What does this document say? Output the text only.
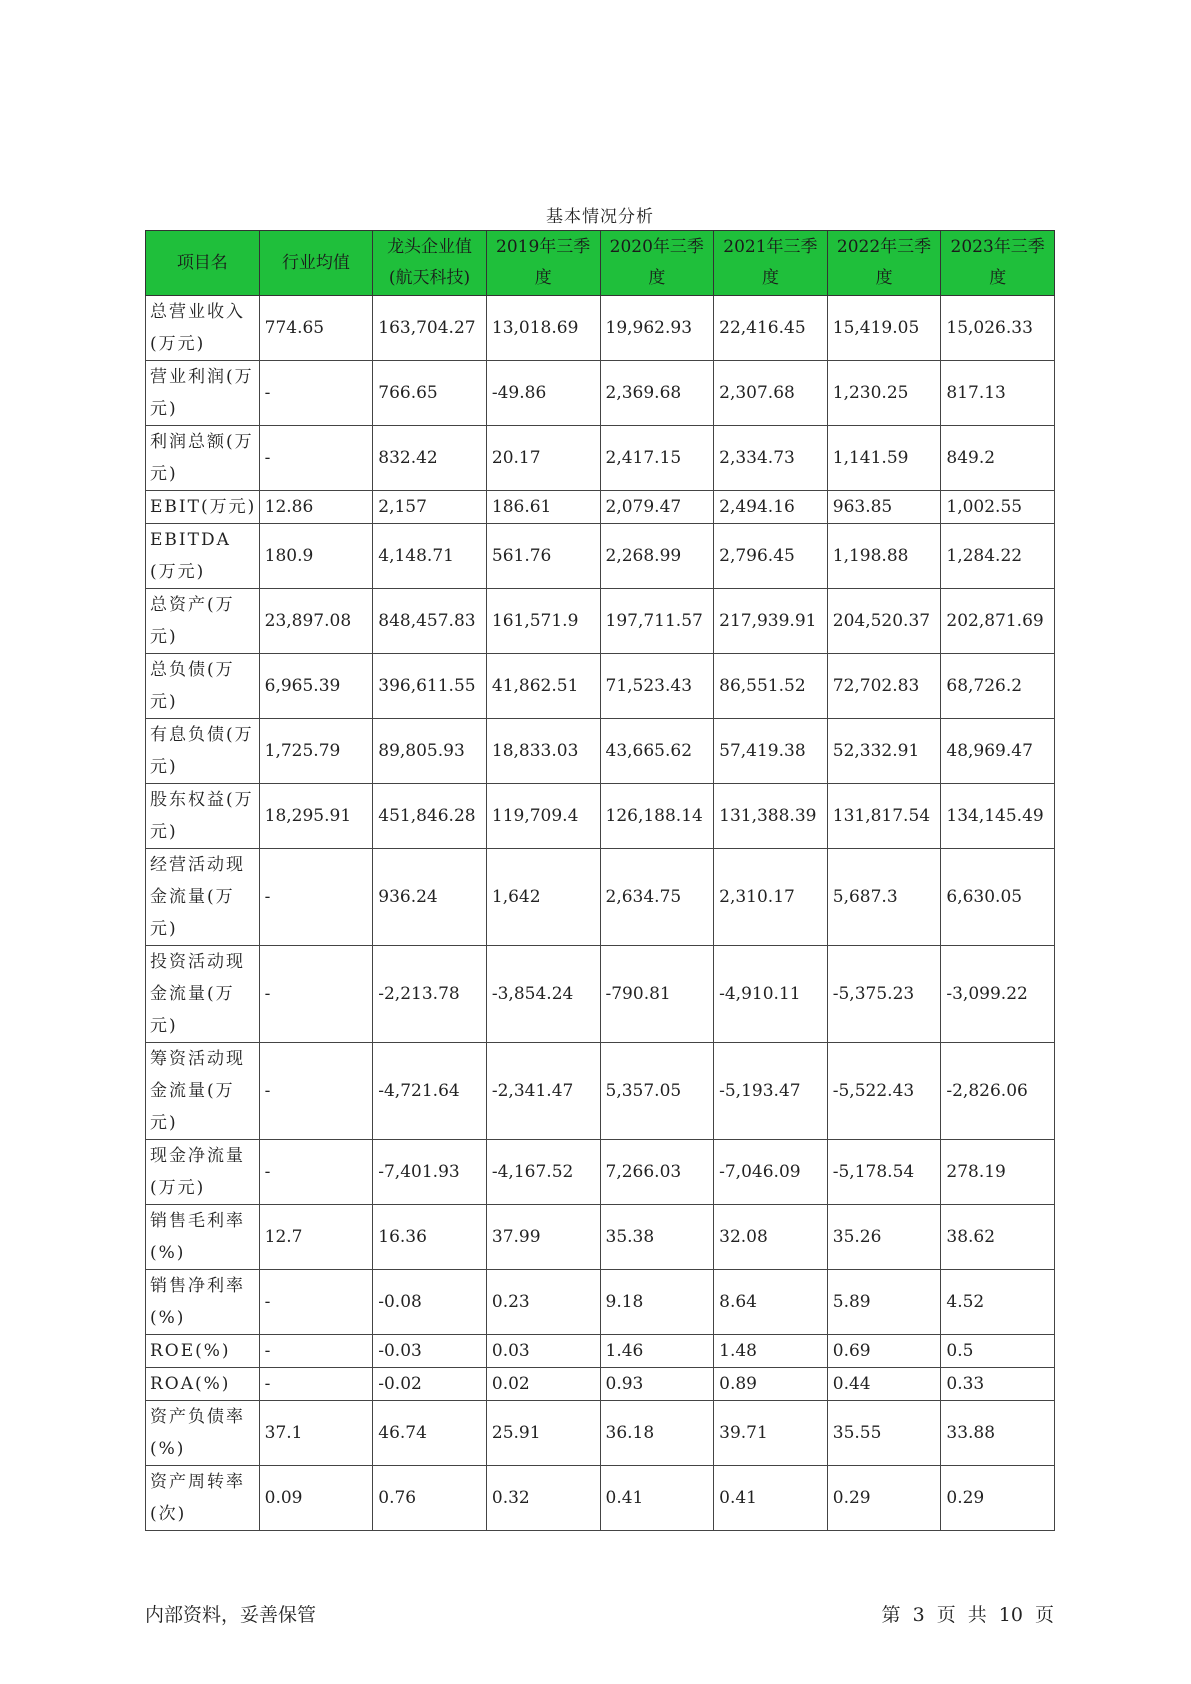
基本情况分析
项目名	行业均值	龙头企业值(航天科技)	2019年三季度	2020年三季度	2021年三季度	2022年三季度	2023年三季度
总营业收入(万元)	774.65	163,704.27	13,018.69	19,962.93	22,416.45	15,419.05	15,026.33
营业利润(万元)	-	766.65	-49.86	2,369.68	2,307.68	1,230.25	817.13
利润总额(万元)	-	832.42	20.17	2,417.15	2,334.73	1,141.59	849.2
EBIT(万元)	12.86	2,157	186.61	2,079.47	2,494.16	963.85	1,002.55
EBITDA(万元)	180.9	4,148.71	561.76	2,268.99	2,796.45	1,198.88	1,284.22
总资产(万元)	23,897.08	848,457.83	161,571.9	197,711.57	217,939.91	204,520.37	202,871.69
总负债(万元)	6,965.39	396,611.55	41,862.51	71,523.43	86,551.52	72,702.83	68,726.2
有息负债(万元)	1,725.79	89,805.93	18,833.03	43,665.62	57,419.38	52,332.91	48,969.47
股东权益(万元)	18,295.91	451,846.28	119,709.4	126,188.14	131,388.39	131,817.54	134,145.49
经营活动现金流量(万元)	-	936.24	1,642	2,634.75	2,310.17	5,687.3	6,630.05
投资活动现金流量(万元)	-	-2,213.78	-3,854.24	-790.81	-4,910.11	-5,375.23	-3,099.22
筹资活动现金流量(万元)	-	-4,721.64	-2,341.47	5,357.05	-5,193.47	-5,522.43	-2,826.06
现金净流量(万元)	-	-7,401.93	-4,167.52	7,266.03	-7,046.09	-5,178.54	278.19
销售毛利率(%)	12.7	16.36	37.99	35.38	32.08	35.26	38.62
销售净利率(%)	-	-0.08	0.23	9.18	8.64	5.89	4.52
ROE(%)	-	-0.03	0.03	1.46	1.48	0.69	0.5
ROA(%)	-	-0.02	0.02	0.93	0.89	0.44	0.33
资产负债率(%)	37.1	46.74	25.91	36.18	39.71	35.55	33.88
资产周转率(次)	0.09	0.76	0.32	0.41	0.41	0.29	0.29
内部资料，妥善保管	第 3 页 共 10 页
